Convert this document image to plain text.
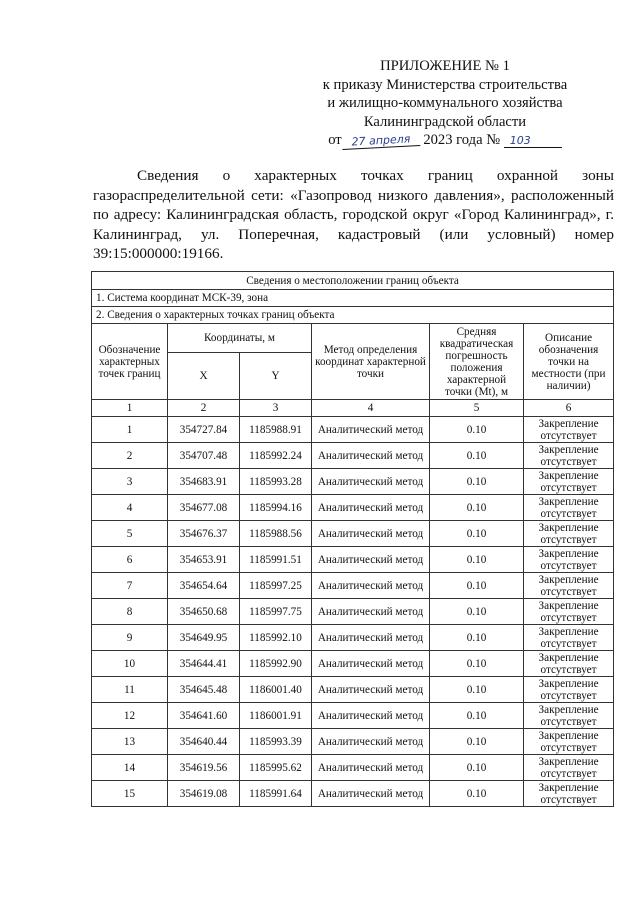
ПРИЛОЖЕНИЕ № 1
к приказу Министерства строительства
и жилищно-коммунального хозяйства
Калининградской области
от 27 апреля 2023 года № 103

Сведения о характерных точках границ охранной зоны газораспределительной сети: «Газопровод низкого давления», расположенный по адресу: Калининградская область, городской округ «Город Калининград», г. Калининград, ул. Поперечная, кадастровый (или условный) номер 39:15:000000:19166.

Сведения о местоположении границ объекта					
1. Система координат МСК-39, зона					
2. Сведения о характерных точках границ объекта					
Обозначение характерных точек границ	Координаты, м		Метод определения координат характерной точки	Средняя квадратическая погрешность положения характерной точки (Mt), м	Описание обозначения точки на местности (при наличии)
	X	Y			
1	2	3	4	5	6
1	354727.84	1185988.91	Аналитический метод	0.10	Закрепление отсутствует
2	354707.48	1185992.24	Аналитический метод	0.10	Закрепление отсутствует
3	354683.91	1185993.28	Аналитический метод	0.10	Закрепление отсутствует
4	354677.08	1185994.16	Аналитический метод	0.10	Закрепление отсутствует
5	354676.37	1185988.56	Аналитический метод	0.10	Закрепление отсутствует
6	354653.91	1185991.51	Аналитический метод	0.10	Закрепление отсутствует
7	354654.64	1185997.25	Аналитический метод	0.10	Закрепление отсутствует
8	354650.68	1185997.75	Аналитический метод	0.10	Закрепление отсутствует
9	354649.95	1185992.10	Аналитический метод	0.10	Закрепление отсутствует
10	354644.41	1185992.90	Аналитический метод	0.10	Закрепление отсутствует
11	354645.48	1186001.40	Аналитический метод	0.10	Закрепление отсутствует
12	354641.60	1186001.91	Аналитический метод	0.10	Закрепление отсутствует
13	354640.44	1185993.39	Аналитический метод	0.10	Закрепление отсутствует
14	354619.56	1185995.62	Аналитический метод	0.10	Закрепление отсутствует
15	354619.08	1185991.64	Аналитический метод	0.10	Закрепление отсутствует
